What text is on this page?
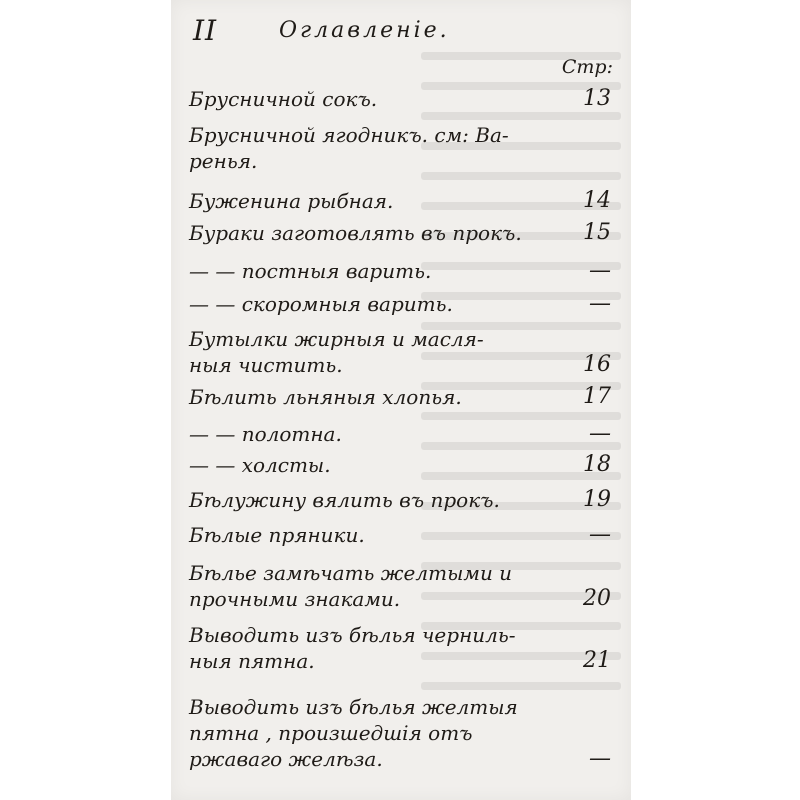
II	Оглавленіе.
Стр:
Брусничной сокъ.	13
Брусничной ягодникъ. см: Ва-
ренья.
Буженина рыбная.	14
Бураки заготовлять въ прокъ.	15
— — постныя варить.	—
— — скоромныя варить.	—
Бутылки жирныя и масля-
ныя чистить.	16
Бѣлить льняныя хлопья.	17
— — полотна.	—
— — холсты.	18
Бѣлужину вялить въ прокъ.	19
Бѣлые пряники.	—
Бѣлье замѣчать желтыми и
прочными знаками.	20
Выводить изъ бѣлья черниль-
ныя пятна.	21
Выводить изъ бѣлья желтыя
пятна , произшедшія отъ
ржаваго желѣза.	—
